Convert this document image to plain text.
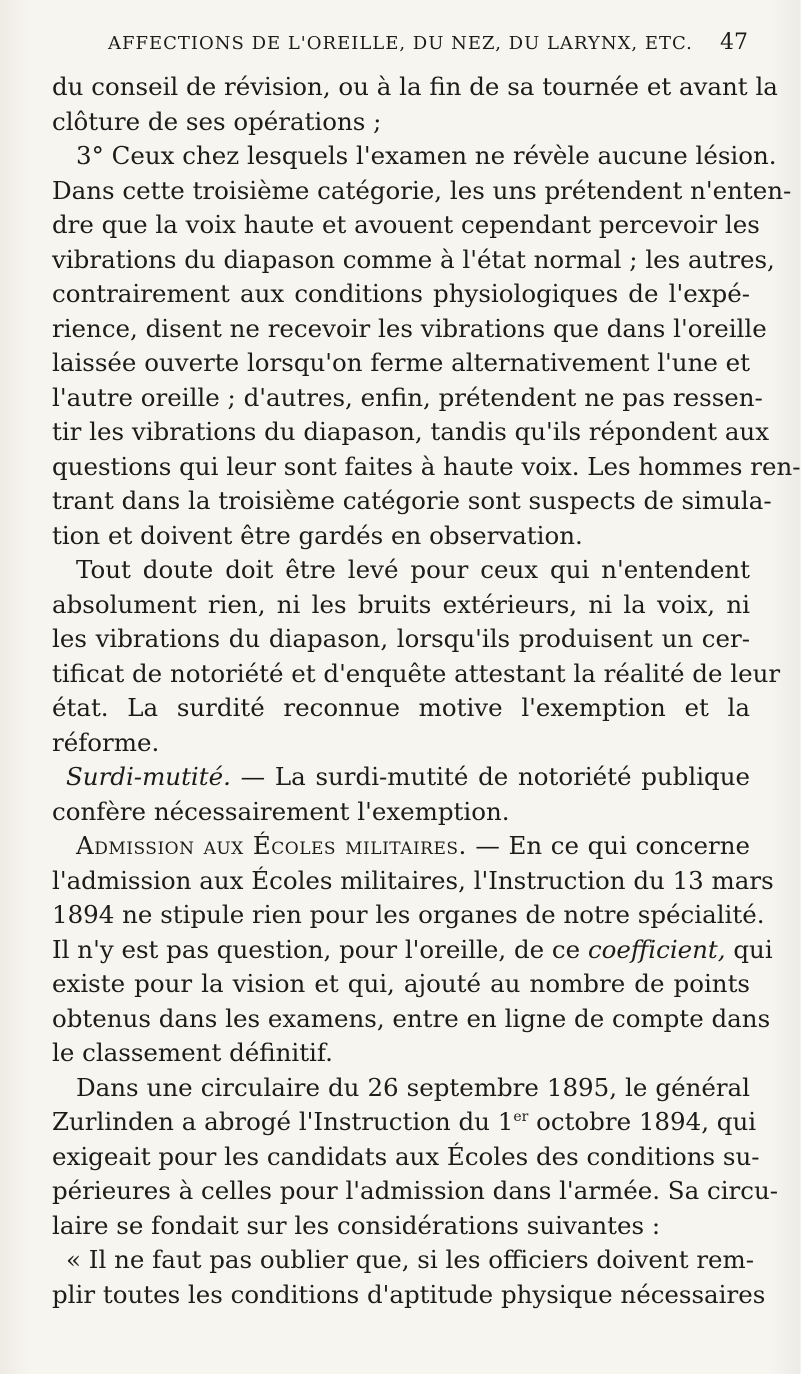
AFFECTIONS DE L'OREILLE, DU NEZ, DU LARYNX, ETC. 47
du conseil de révision, ou à la fin de sa tournée et avant la
clôture de ses opérations ;
3° Ceux chez lesquels l'examen ne révèle aucune lésion.
Dans cette troisième catégorie, les uns prétendent n'enten-
dre que la voix haute et avouent cependant percevoir les
vibrations du diapason comme à l'état normal ; les autres,
contrairement aux conditions physiologiques de l'expé-
rience, disent ne recevoir les vibrations que dans l'oreille
laissée ouverte lorsqu'on ferme alternativement l'une et
l'autre oreille ; d'autres, enfin, prétendent ne pas ressen-
tir les vibrations du diapason, tandis qu'ils répondent aux
questions qui leur sont faites à haute voix. Les hommes ren-
trant dans la troisième catégorie sont suspects de simula-
tion et doivent être gardés en observation.
Tout doute doit être levé pour ceux qui n'entendent
absolument rien, ni les bruits extérieurs, ni la voix, ni
les vibrations du diapason, lorsqu'ils produisent un cer-
tificat de notoriété et d'enquête attestant la réalité de leur
état. La surdité reconnue motive l'exemption et la
réforme.
Surdi-mutité. — La surdi-mutité de notoriété publique
confère nécessairement l'exemption.
Admission aux Écoles militaires. — En ce qui concerne
l'admission aux Écoles militaires, l'Instruction du 13 mars
1894 ne stipule rien pour les organes de notre spécialité.
Il n'y est pas question, pour l'oreille, de ce coefficient, qui
existe pour la vision et qui, ajouté au nombre de points
obtenus dans les examens, entre en ligne de compte dans
le classement définitif.
Dans une circulaire du 26 septembre 1895, le général
Zurlinden a abrogé l'Instruction du 1er octobre 1894, qui
exigeait pour les candidats aux Écoles des conditions su-
périeures à celles pour l'admission dans l'armée. Sa circu-
laire se fondait sur les considérations suivantes :
« Il ne faut pas oublier que, si les officiers doivent rem-
plir toutes les conditions d'aptitude physique nécessaires
